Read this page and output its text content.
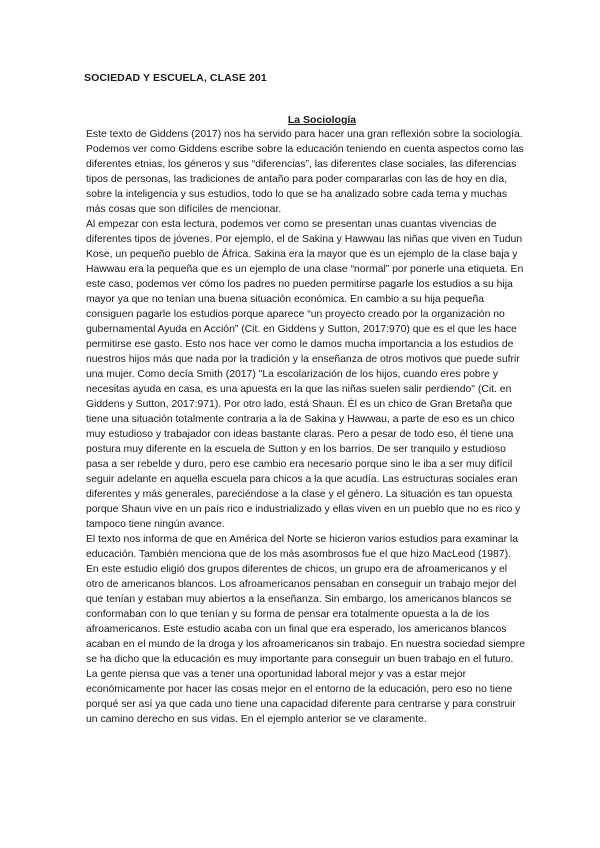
SOCIEDAD Y ESCUELA, CLASE 201
La Sociología

Este texto de Giddens (2017) nos ha servido para hacer una gran reflexión sobre la sociología. Podemos ver como Giddens escribe sobre la educación teniendo en cuenta aspectos como las diferentes etnias, los géneros y sus “diferencias”, las diferentes clase sociales, las diferencias tipos de personas, las tradiciones de antaño para poder compararlas con las de hoy en día, sobre la inteligencia y sus estudios, todo lo que se ha analizado sobre cada tema y muchas más cosas que son difíciles de mencionar.

Al empezar con esta lectura, podemos ver como se presentan unas cuantas vivencias de diferentes tipos de jóvenes. Por ejemplo, el de Sakina y Hawwau las niñas que viven en Tudun Kose, un pequeño pueblo de África. Sakina era la mayor que es un ejemplo de la clase baja y Hawwau era la pequeña que es un ejemplo de una clase “normal” por ponerle una etiqueta. En este caso, podemos ver cómo los padres no pueden permitirse pagarle los estudios a su hija mayor ya que no tenían una buena situación económica. En cambio a su hija pequeña consiguen pagarle los estudios porque aparece “un proyecto creado por la organización no gubernamental Ayuda en Acción” (Cit. en Giddens y Sutton, 2017:970) que es el que les hace permitirse ese gasto. Esto nos hace ver como le damos mucha importancia a los estudios de nuestros hijos más que nada por la tradición y la enseñanza de otros motivos que puede sufrir una mujer. Como decía Smith (2017) "La escolarización de los hijos, cuando eres pobre y necesitas ayuda en casa, es una apuesta en la que las niñas suelen salir perdiendo" (Cit. en Giddens y Sutton, 2017:971). Por otro lado, está Shaun. Él es un chico de Gran Bretaña que tiene una situación totalmente contraria a la de Sakina y Hawwau, a parte de eso es un chico muy estudioso y trabajador con ideas bastante claras. Pero a pesar de todo eso, él tiene una postura muy diferente en la escuela de Sutton y en los barrios. De ser tranquilo y estudioso pasa a ser rebelde y duro, pero ese cambio era necesario porque sino le iba a ser muy difícil seguir adelante en aquella escuela para chicos a la que acudía. Las estructuras sociales eran diferentes y más generales, pareciéndose a la clase y el género. La situación es tan opuesta porque Shaun vive en un país rico e industrializado y ellas viven en un pueblo que no es rico y tampoco tiene ningún avance.

El texto nos informa de que en América del Norte se hicieron varios estudios para examinar la educación. También menciona que de los más asombrosos fue el que hizo MacLeod (1987). En este estudio eligió dos grupos diferentes de chicos, un grupo era de afroamericanos y el otro de americanos blancos. Los afroamericanos pensaban en conseguir un trabajo mejor del que tenían y estaban muy abiertos a la enseñanza. Sin embargo, los americanos blancos se conformaban con lo que tenían y su forma de pensar era totalmente opuesta a la de los afroamericanos. Este estudio acaba con un final que era esperado, los americanos blancos acaban en el mundo de la droga y los afroamericanos sin trabajo. En nuestra sociedad siempre se ha dicho que la educación es muy importante para conseguir un buen trabajo en el futuro. La gente piensa que vas a tener una oportunidad laboral mejor y vas a estar mejor económicamente por hacer las cosas mejor en el entorno de la educación, pero eso no tiene porqué ser así ya que cada uno tiene una capacidad diferente para centrarse y para construir un camino derecho en sus vidas. En el ejemplo anterior se ve claramente.
